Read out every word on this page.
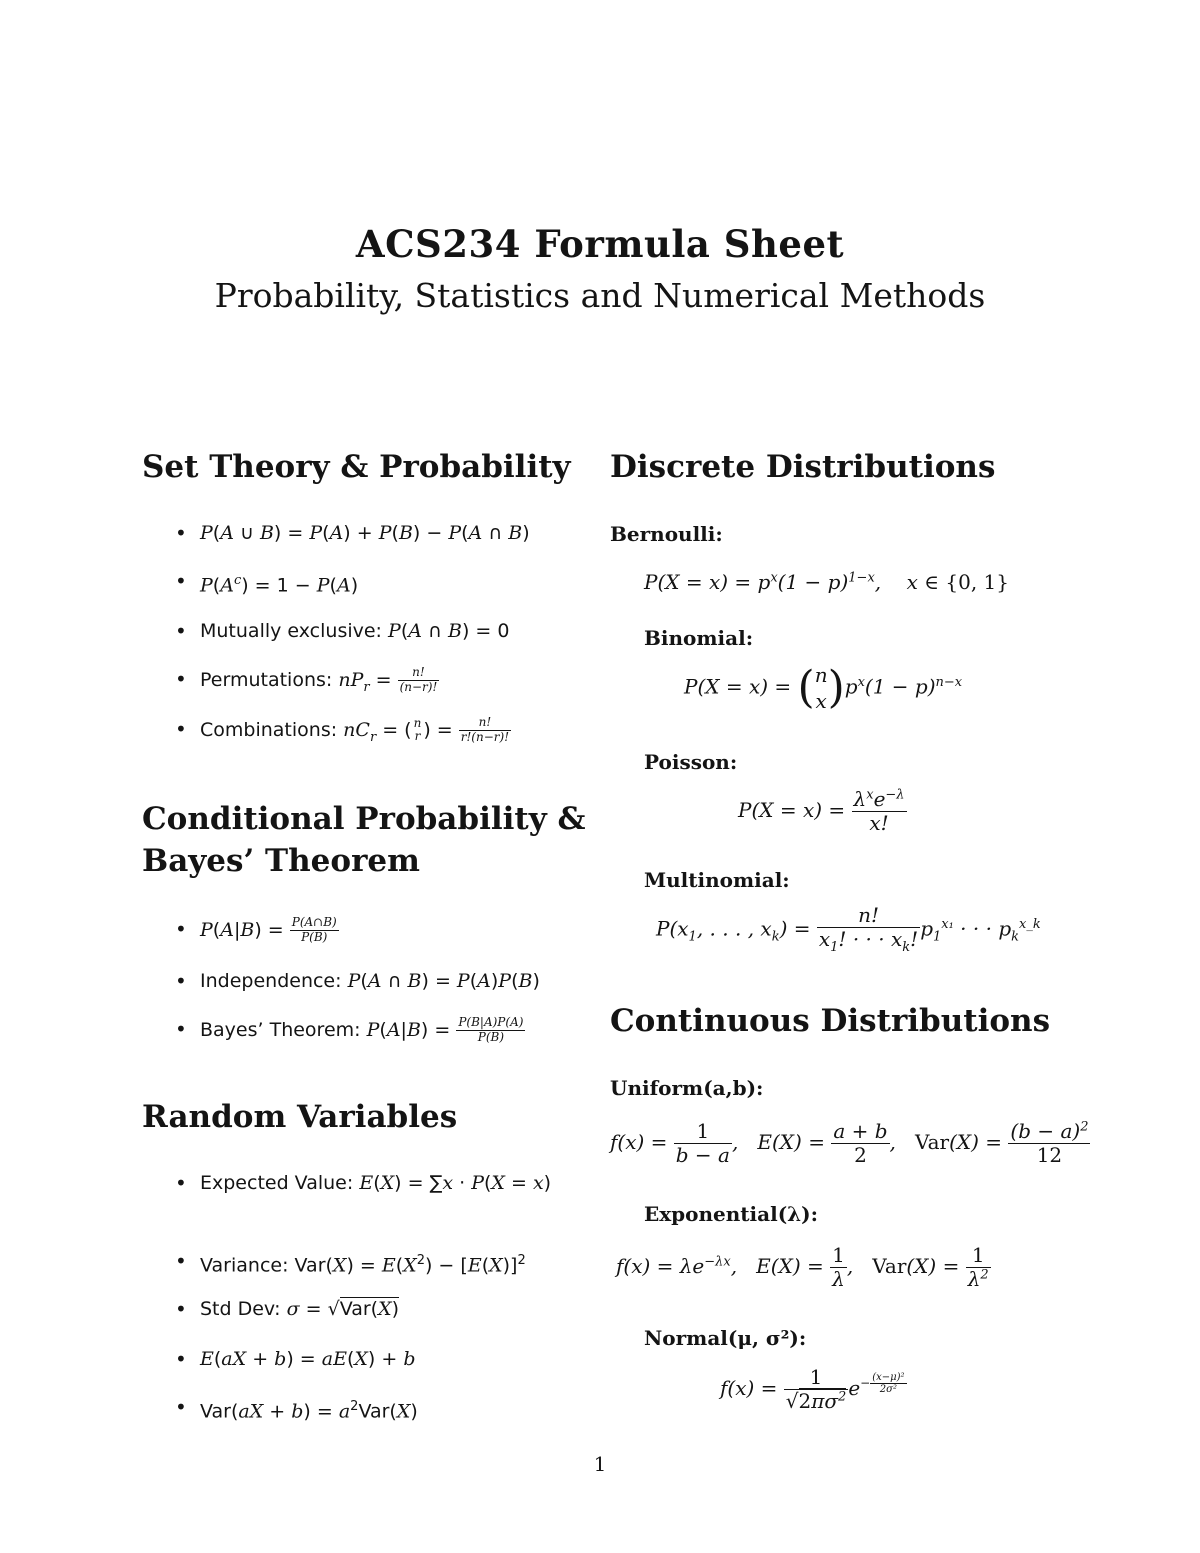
ACS234 Formula Sheet
Probability, Statistics and Numerical Methods
Set Theory & Probability
• P(A ∪ B) = P(A) + P(B) − P(A ∩ B)
• $P(A^c) = 1 - P(A)$
• Mutually exclusive: P(A ∩ B) = 0
• Permutations: $nP_r = \frac{n!}{(n-r)!}$
• Combinations: $nC_r$ = ( n
r ) = $\frac{n!}{r!(n-r)!}$
Conditional Probability &
Bayes’ Theorem
• $P(A|B) = \frac{P(A\cap B)}{P(B)}$
• Independence: P(A ∩ B) = P(A)P(B)
• Bayes’ Theorem: $P(A|B) = \frac{P(B|A)P(A)}{P(B)}$
Random Variables
• Expected Value: E(X) = ∑x · P(X = x)
• Variance: $Var(X) = E(X^2) - [E(X)]^2$
• Std Dev: σ = √Var(X)
• E(aX + b) = aE(X) + b
• $Var(aX + b) = a^2Var(X)$
Discrete Distributions
Bernoulli:
$P(X = x) = p^x(1 - p)^{1-x}$,    x ∈ {0, 1}
Binomial:
P(X = x) = ( n
x )$p^x(1 - p)^{n-x}$
Poisson:
$P(X = x) = \frac{\lambda^xe^{-\lambda}}{x!}$
Multinomial:
$P(x_1$, . . . , $x_k) = \frac{n!}{x_1! \cdot \cdot \cdot x_k!} p_1^{x_1}$ · · · $p_k^{x\_k}$
Continuous Distributions
Uniform(a,b):
$f(x) = \frac{1}{b - a}$ ,   $E(X) = \frac{a + b}{2}$ ,   $Var(X) = \frac{(b - a)^2}{12}$
Exponential(λ):
$f(x) = \lambda e^{-\lambda x}$,   $E(X) = \frac{1}{\lambda}$ ,   $Var(X) = \frac{1}{\lambda^2}$
Normal(μ, σ²):
$f(x) = \frac{1}{√2\pi\sigma^2} e^{- \frac{\text{(x−μ)²}}{\text{2σ²}}}$
1
